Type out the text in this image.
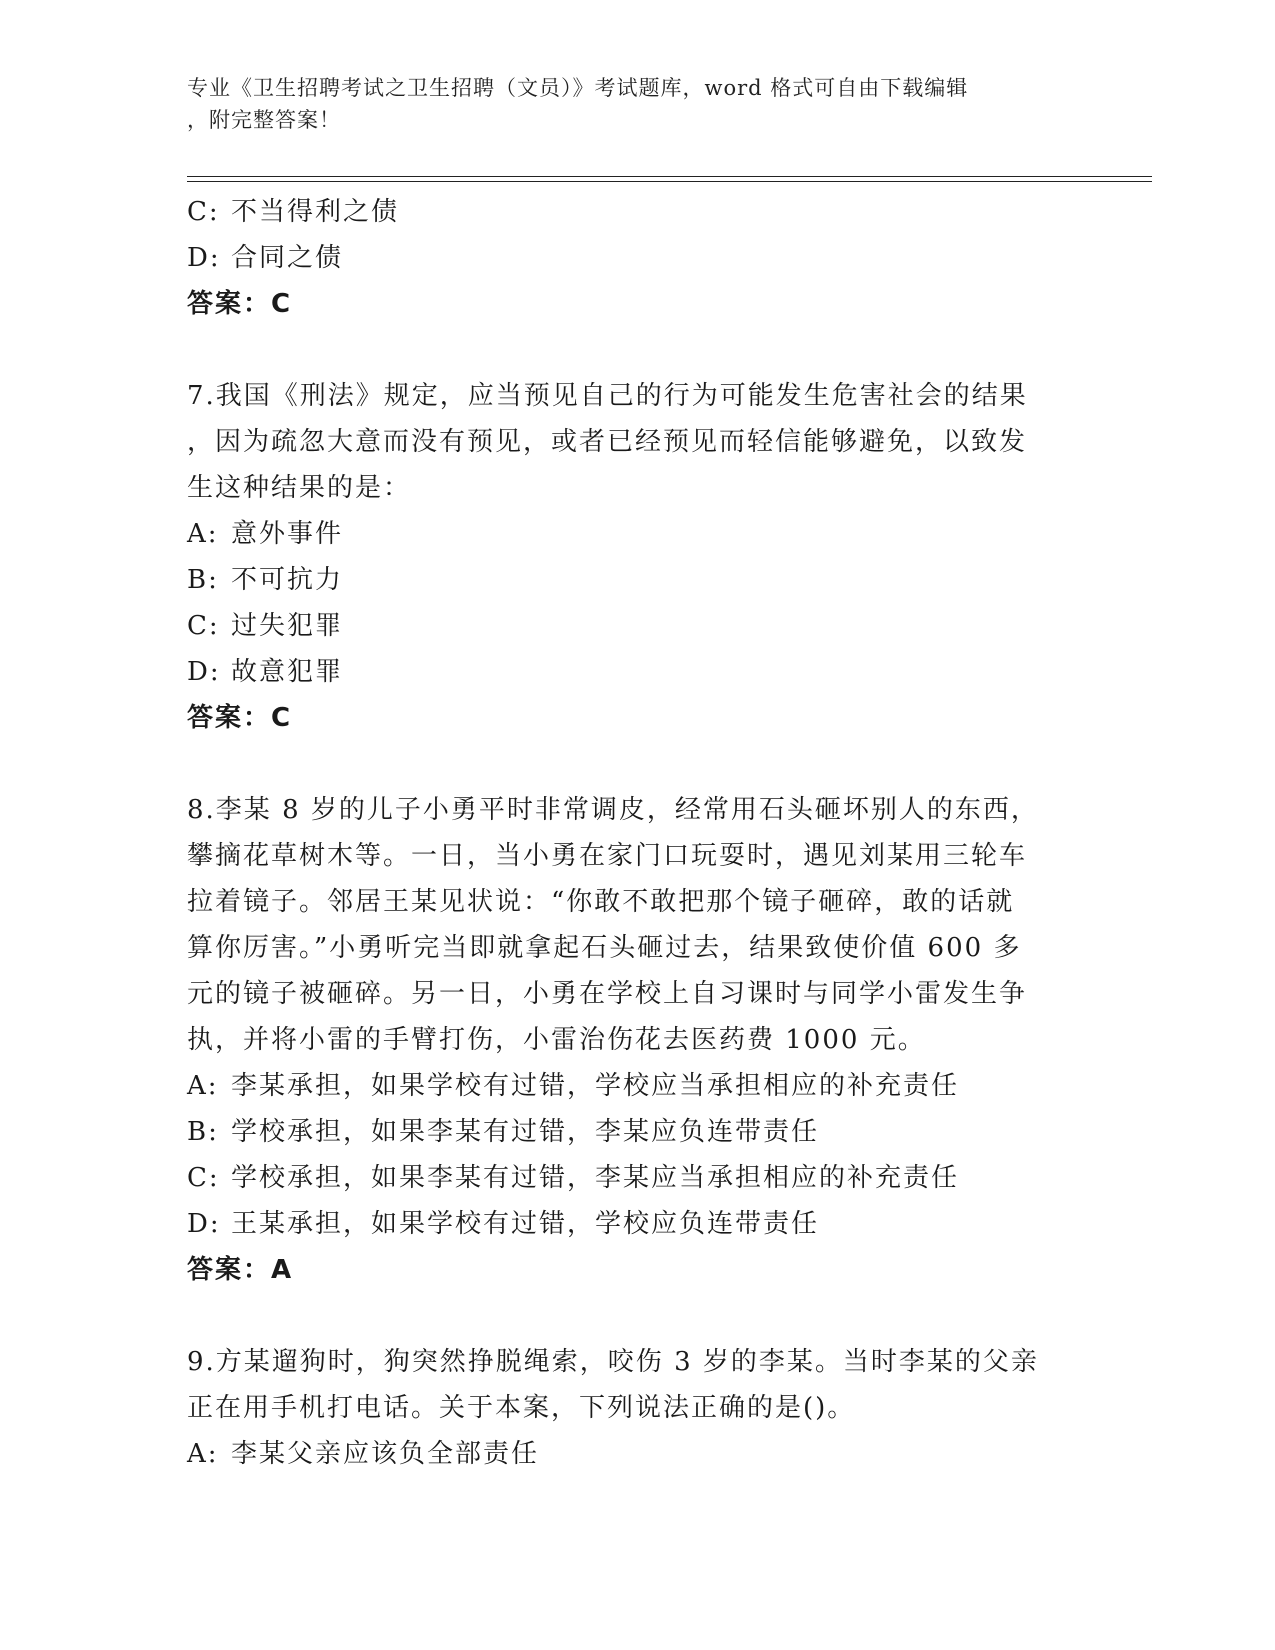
专业《卫生招聘考试之卫生招聘（文员）》考试题库，word 格式可自由下载编辑
，附完整答案！
C: 不当得利之债
D: 合同之债
答案：C
7.我国《刑法》规定，应当预见自己的行为可能发生危害社会的结果
，因为疏忽大意而没有预见，或者已经预见而轻信能够避免，以致发
生这种结果的是：
A: 意外事件
B: 不可抗力
C: 过失犯罪
D: 故意犯罪
答案：C
8.李某 8 岁的儿子小勇平时非常调皮，经常用石头砸坏别人的东西，
攀摘花草树木等。一日，当小勇在家门口玩耍时，遇见刘某用三轮车
拉着镜子。邻居王某见状说：“你敢不敢把那个镜子砸碎，敢的话就
算你厉害。”小勇听完当即就拿起石头砸过去，结果致使价值 600 多
元的镜子被砸碎。另一日，小勇在学校上自习课时与同学小雷发生争
执，并将小雷的手臂打伤，小雷治伤花去医药费 1000 元。
A: 李某承担，如果学校有过错，学校应当承担相应的补充责任
B: 学校承担，如果李某有过错，李某应负连带责任
C: 学校承担，如果李某有过错，李某应当承担相应的补充责任
D: 王某承担，如果学校有过错，学校应负连带责任
答案：A
9.方某遛狗时，狗突然挣脱绳索，咬伤 3 岁的李某。当时李某的父亲
正在用手机打电话。关于本案，下列说法正确的是()。
A: 李某父亲应该负全部责任
